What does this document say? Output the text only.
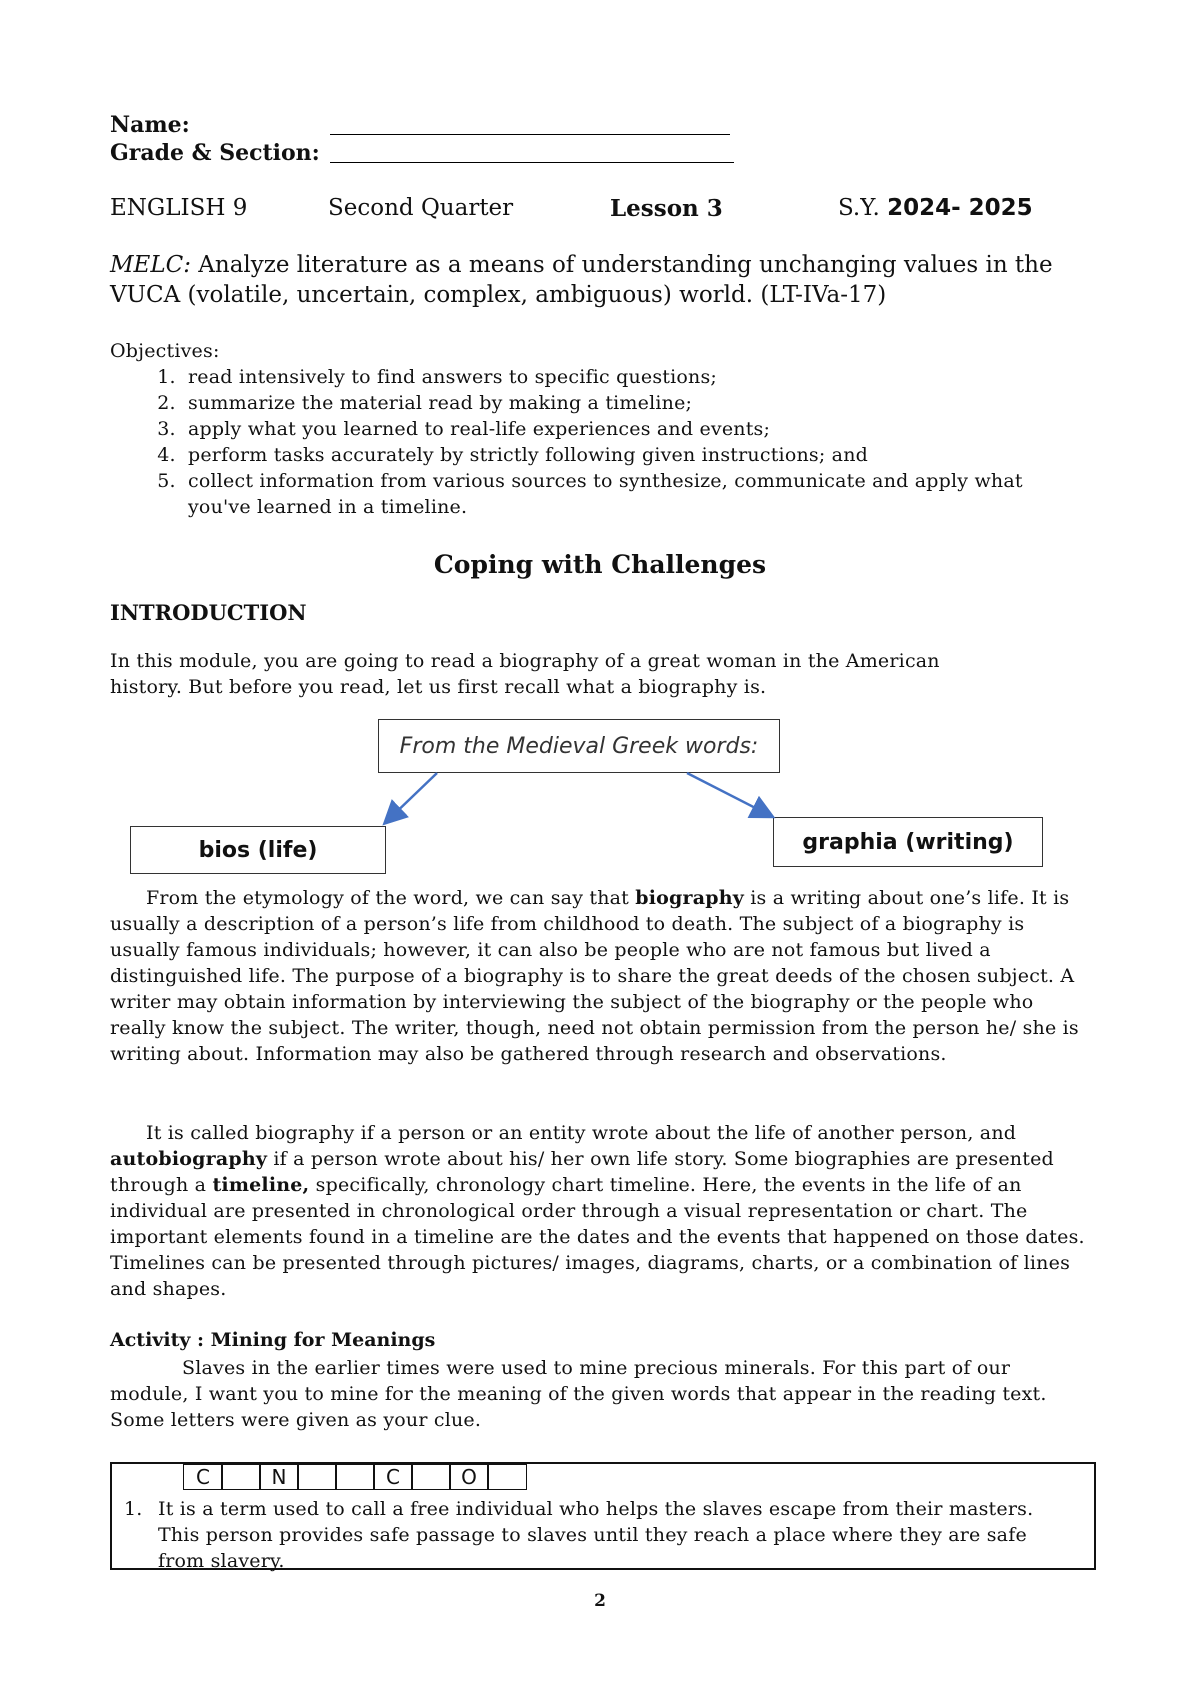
Name:
Grade & Section:
ENGLISH 9	Second Quarter	Lesson 3	S.Y. 2024- 2025
MELC: Analyze literature as a means of understanding unchanging values in the
VUCA (volatile, uncertain, complex, ambiguous) world. (LT-IVa-17)
Objectives:
1. read intensively to find answers to specific questions;
2. summarize the material read by making a timeline;
3. apply what you learned to real-life experiences and events;
4. perform tasks accurately by strictly following given instructions; and
5. collect information from various sources to synthesize, communicate and apply what you've learned in a timeline.
Coping with Challenges
INTRODUCTION
In this module, you are going to read a biography of a great woman in the American
history. But before you read, let us first recall what a biography is.
From the Medieval Greek words:
bios (life)	graphia (writing)
From the etymology of the word, we can say that biography is a writing about one’s life. It is usually a description of a person’s life from childhood to death. The subject of a biography is usually famous individuals; however, it can also be people who are not famous but lived a distinguished life. The purpose of a biography is to share the great deeds of the chosen subject. A writer may obtain information by interviewing the subject of the biography or the people who really know the subject. The writer, though, need not obtain permission from the person he/ she is writing about. Information may also be gathered through research and observations.
It is called biography if a person or an entity wrote about the life of another person, and autobiography if a person wrote about his/ her own life story. Some biographies are presented through a timeline, specifically, chronology chart timeline. Here, the events in the life of an individual are presented in chronological order through a visual representation or chart. The important elements found in a timeline are the dates and the events that happened on those dates. Timelines can be presented through pictures/ images, diagrams, charts, or a combination of lines and shapes.
Activity : Mining for Meanings
Slaves in the earlier times were used to mine precious minerals. For this part of our module, I want you to mine for the meaning of the given words that appear in the reading text. Some letters were given as your clue.
C	N	C	O
1. It is a term used to call a free individual who helps the slaves escape from their masters. This person provides safe passage to slaves until they reach a place where they are safe from slavery.
2
